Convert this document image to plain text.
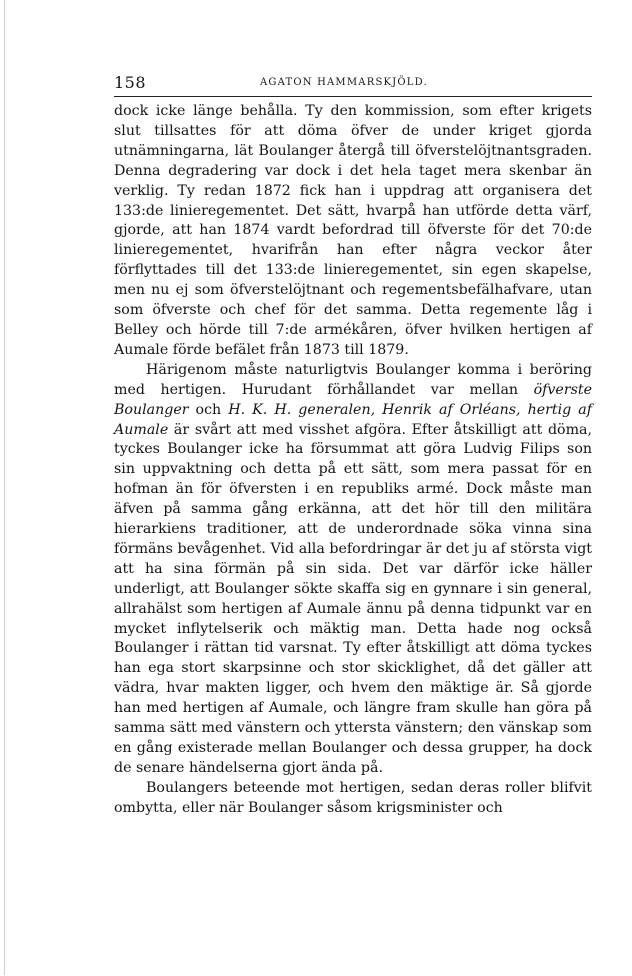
158	AGATON HAMMARSKJÖLD.

dock icke länge behålla. Ty den kommission, som efter krigets slut tillsattes för att döma öfver de under kriget gjorda utnämningarna, lät Boulanger återgå till öfverstelöjtnantsgraden. Denna degradering var dock i det hela taget mera skenbar än verklig. Ty redan 1872 fick han i uppdrag att organisera det 133:de linieregementet. Det sätt, hvarpå han utförde detta värf, gjorde, att han 1874 vardt befordrad till öfverste för det 70:de linieregementet, hvarifrån han efter några veckor åter förflyttades till det 133:de linieregementet, sin egen skapelse, men nu ej som öfverstelöjtnant och regementsbefälhafvare, utan som öfverste och chef för det samma. Detta regemente låg i Belley och hörde till 7:de armékåren, öfver hvilken hertigen af Aumale förde befälet från 1873 till 1879.

Härigenom måste naturligtvis Boulanger komma i beröring med hertigen. Hurudant förhållandet var mellan öfverste Boulanger och H. K. H. generalen, Henrik af Orléans, hertig af Aumale är svårt att med visshet afgöra. Efter åtskilligt att döma, tyckes Boulanger icke ha försummat att göra Ludvig Filips son sin uppvaktning och detta på ett sätt, som mera passat för en hofman än för öfversten i en republiks armé. Dock måste man äfven på samma gång erkänna, att det hör till den militära hierarkiens traditioner, att de underordnade söka vinna sina förmäns bevågenhet. Vid alla befordringar är det ju af största vigt att ha sina förmän på sin sida. Det var därför icke häller underligt, att Boulanger sökte skaffa sig en gynnare i sin general, allrahälst som hertigen af Aumale ännu på denna tidpunkt var en mycket inflytelserik och mäktig man. Detta hade nog också Boulanger i rättan tid varsnat. Ty efter åtskilligt att döma tyckes han ega stort skarpsinne och stor skicklighet, då det gäller att vädra, hvar makten ligger, och hvem den mäktige är. Så gjorde han med hertigen af Aumale, och längre fram skulle han göra på samma sätt med vänstern och yttersta vänstern; den vänskap som en gång existerade mellan Boulanger och dessa grupper, ha dock de senare händelserna gjort ända på.

Boulangers beteende mot hertigen, sedan deras roller blifvit ombytta, eller när Boulanger såsom krigsminister och
